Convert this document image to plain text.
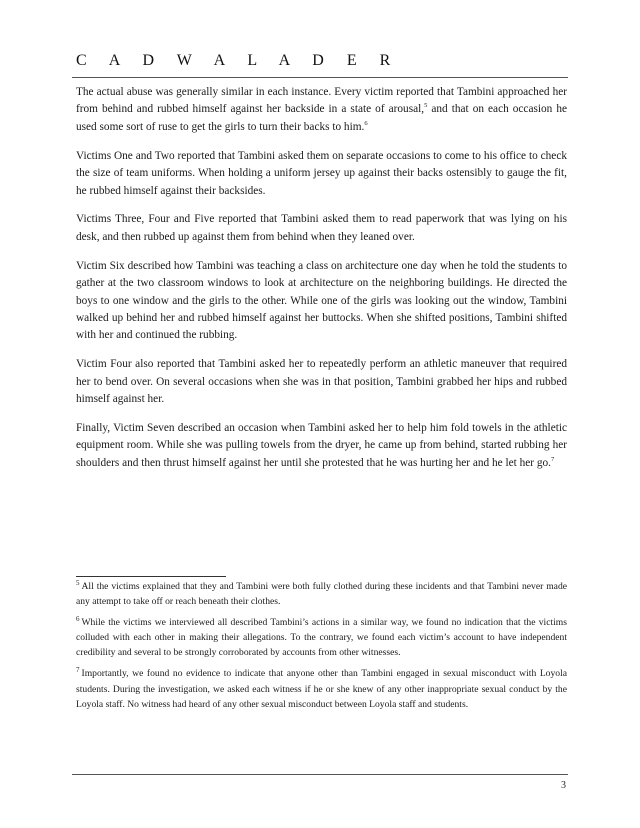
C A D W A L A D E R

The actual abuse was generally similar in each instance. Every victim reported that Tambini approached her from behind and rubbed himself against her backside in a state of arousal,$^5$ and that on each occasion he used some sort of ruse to get the girls to turn their backs to him.$^6$

Victims One and Two reported that Tambini asked them on separate occasions to come to his office to check the size of team uniforms. When holding a uniform jersey up against their backs ostensibly to gauge the fit, he rubbed himself against their backsides.

Victims Three, Four and Five reported that Tambini asked them to read paperwork that was lying on his desk, and then rubbed up against them from behind when they leaned over.

Victim Six described how Tambini was teaching a class on architecture one day when he told the students to gather at the two classroom windows to look at architecture on the neighboring buildings. He directed the boys to one window and the girls to the other. While one of the girls was looking out the window, Tambini walked up behind her and rubbed himself against her buttocks. When she shifted positions, Tambini shifted with her and continued the rubbing.

Victim Four also reported that Tambini asked her to repeatedly perform an athletic maneuver that required her to bend over. On several occasions when she was in that position, Tambini grabbed her hips and rubbed himself against her.

Finally, Victim Seven described an occasion when Tambini asked her to help him fold towels in the athletic equipment room. While she was pulling towels from the dryer, he came up from behind, started rubbing her shoulders and then thrust himself against her until she protested that he was hurting her and he let her go.$^7$

$^5$ All the victims explained that they and Tambini were both fully clothed during these incidents and that Tambini never made any attempt to take off or reach beneath their clothes.

$^6$ While the victims we interviewed all described Tambini’s actions in a similar way, we found no indication that the victims colluded with each other in making their allegations. To the contrary, we found each victim’s account to have independent credibility and several to be strongly corroborated by accounts from other witnesses.

$^7$ Importantly, we found no evidence to indicate that anyone other than Tambini engaged in sexual misconduct with Loyola students. During the investigation, we asked each witness if he or she knew of any other inappropriate sexual conduct by the Loyola staff. No witness had heard of any other sexual misconduct between Loyola staff and students.

3
